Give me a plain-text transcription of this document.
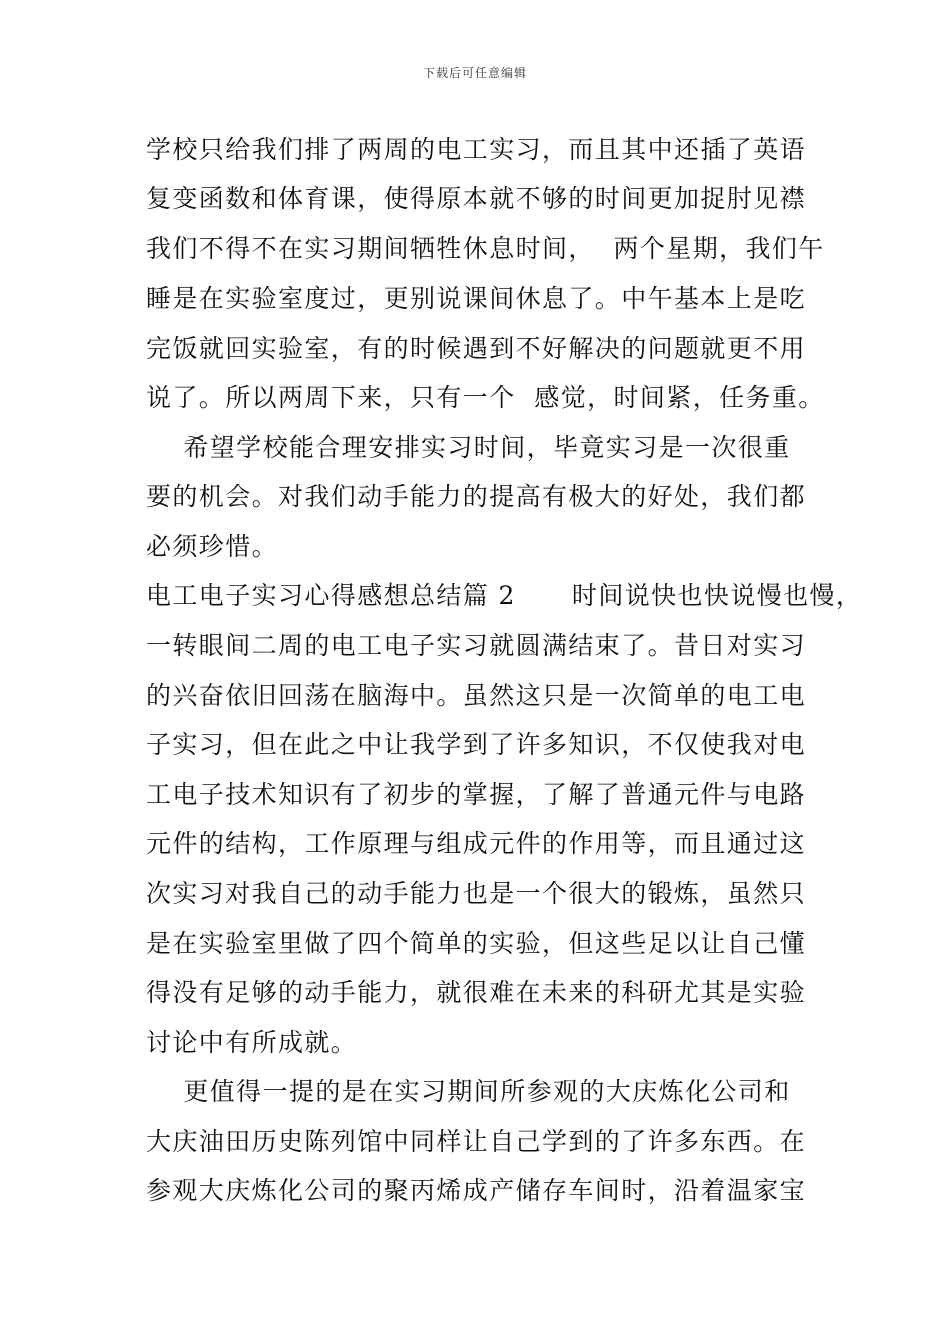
下载后可任意编辑
学校只给我们排了两周的电工实习，而且其中还插了英语
复变函数和体育课，使得原本就不够的时间更加捉肘见襟
我们不得不在实习期间牺牲休息时间，  两个星期，我们午
睡是在实验室度过，更别说课间休息了。中午基本上是吃
完饭就回实验室，有的时候遇到不好解决的问题就更不用
说了。所以两周下来，只有一个  感觉，时间紧，任务重。
希望学校能合理安排实习时间，毕竟实习是一次很重
要的机会。对我们动手能力的提高有极大的好处，我们都
必须珍惜。
电工电子实习心得感想总结篇 2      时间说快也快说慢也慢，
一转眼间二周的电工电子实习就圆满结束了。昔日对实习
的兴奋依旧回荡在脑海中。虽然这只是一次简单的电工电
子实习，但在此之中让我学到了许多知识，不仅使我对电
工电子技术知识有了初步的掌握，了解了普通元件与电路
元件的结构，工作原理与组成元件的作用等，而且通过这
次实习对我自己的动手能力也是一个很大的锻炼，虽然只
是在实验室里做了四个简单的实验，但这些足以让自己懂
得没有足够的动手能力，就很难在未来的科研尤其是实验
讨论中有所成就。
更值得一提的是在实习期间所参观的大庆炼化公司和
大庆油田历史陈列馆中同样让自己学到的了许多东西。在
参观大庆炼化公司的聚丙烯成产储存车间时，沿着温家宝
